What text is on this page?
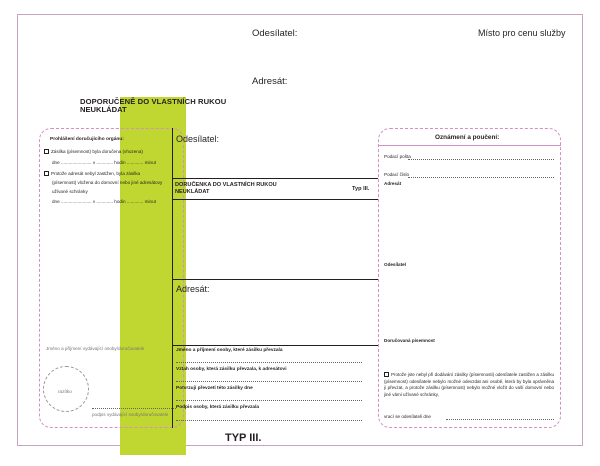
Odesílatel:	Místo pro cenu služby
Adresát:
DOPORUČENĚ DO VLASTNÍCH RUKOU
NEUKLÁDAT
Prohlášení doručujícího orgánu:
Zásilka (písemnost) byla doručena (vhozena)
dne ........................ v ............. hodin ............. minut
Protože adresát nebyl zastižen, byla zásilka
(písemnost) vložena do domovní nebo jiné adresátovy
užívané schránky
dne ........................ v ............. hodin ............. minut
Jméno a příjmení vydávající osoby/doručovatele
razítko
podpis vydávající osoby/doručovatele
Odesílatel:
DORUČENKA DO VLASTNÍCH RUKOU
NEUKLÁDAT	Typ III.
Adresát:
Jméno a příjmení osoby, které zásilku převzala
Vztah osoby, která zásilku převzala, k adresátovi
Potvrzují převzetí této zásilky dne
Podpis osoby, která zásilku převzala
Oznámení a poučení:
Podací pošta
Podací číslo
Adresát
Odesílatel
Doručovaná písemnost
Protože jste nebyl při dodávání zásilky (písemnosti) odesílatele zastižen a zásilku (písemnost) odesílatele nebylo možné odevzdat ani osobě, která by byla oprávněna ji převzat, a protože zásilku (písemnost) nebylo možné vložit do vaší domovní nebo jiné vámi užívané schránky,
vrací se odesílateli dne
TYP III.
